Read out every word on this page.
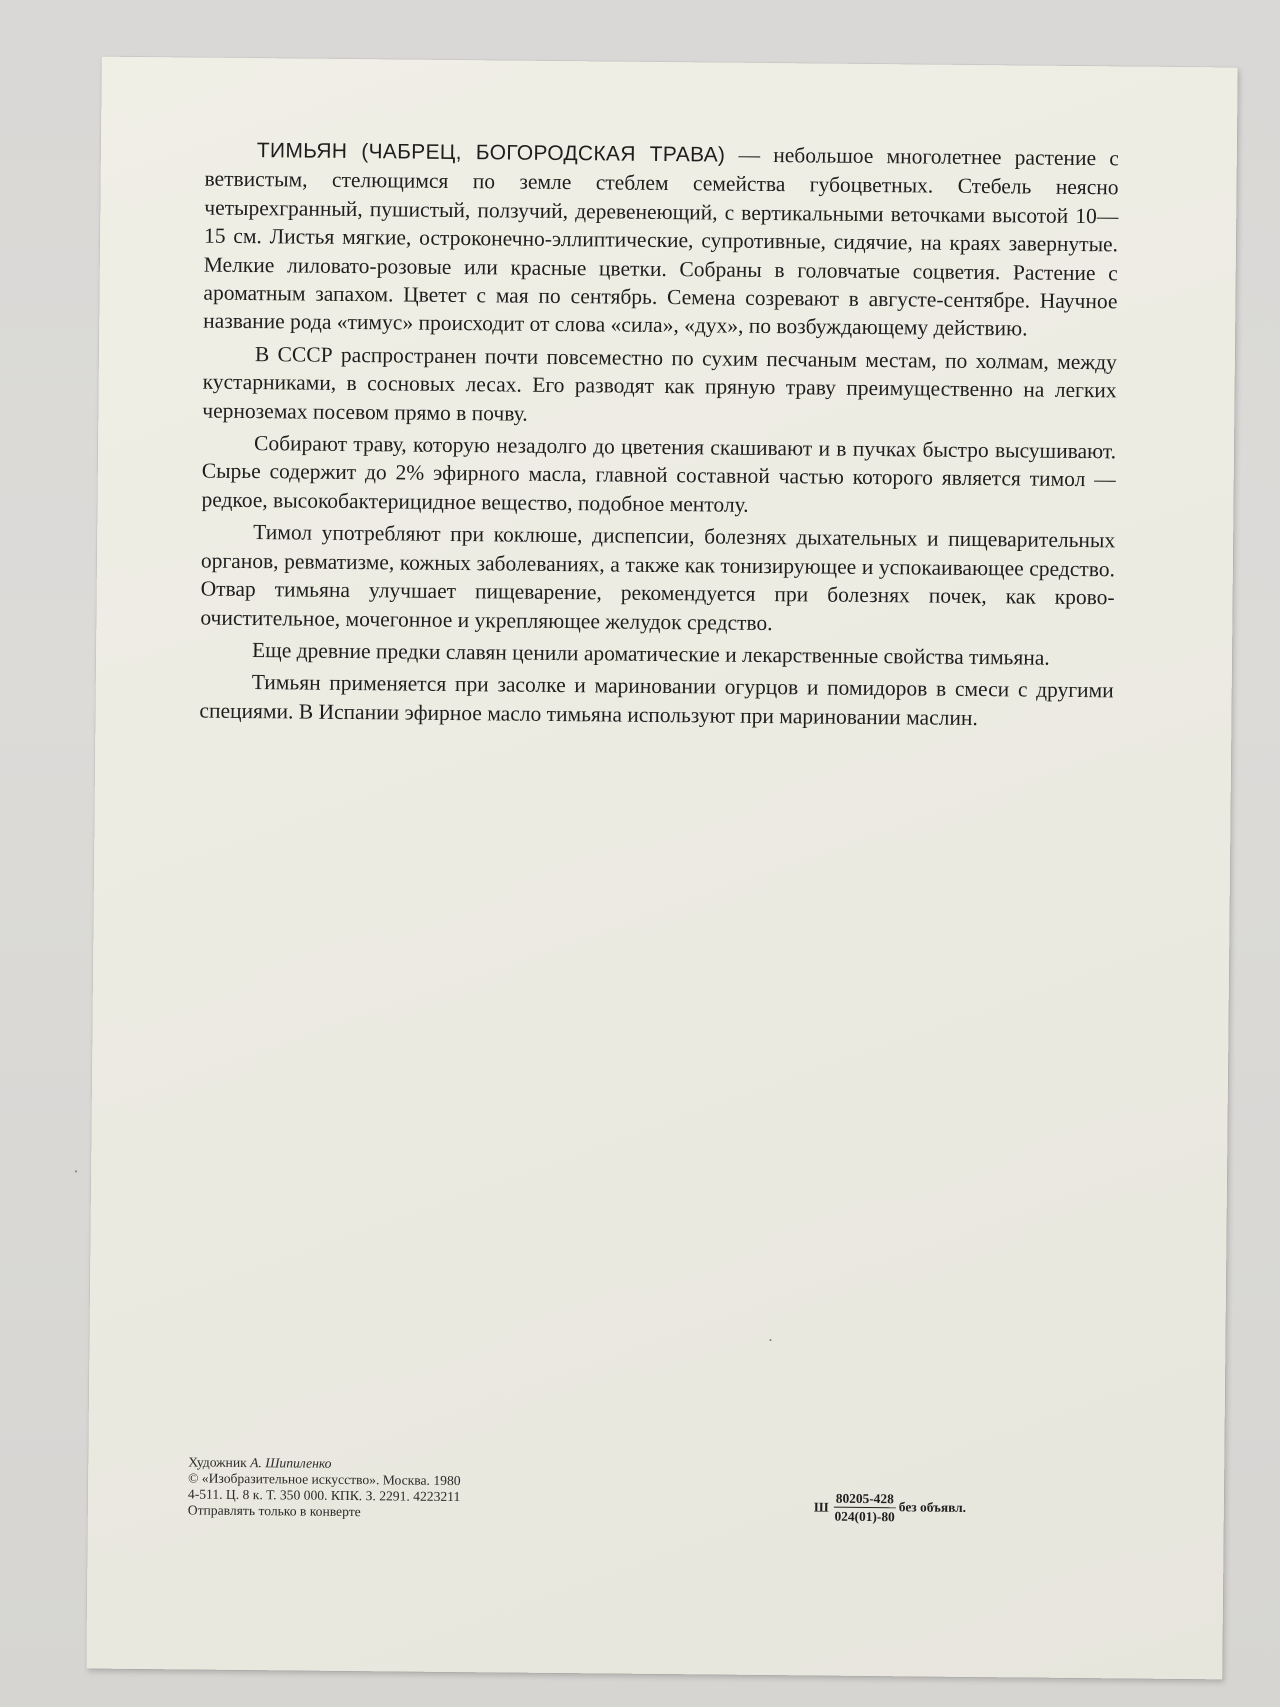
ТИМЬЯН (ЧАБРЕЦ, БОГОРОДСКАЯ ТРАВА) — небольшое многолетнее растение с ветвистым, стелющимся по земле стеблем семейства губоцветных. Стебель неясно четырехгранный, пушистый, ползучий, деревенеющий, с вертикальными веточками высотой 10—15 см. Листья мягкие, остроконечно-эллиптические, супротивные, сидячие, на краях завернутые. Мелкие лиловато-розовые или красные цветки. Собраны в головчатые соцветия. Растение с ароматным запахом. Цветет с мая по сентябрь. Семена созревают в августе-сентябре. Научное название рода «тимус» происходит от слова «сила», «дух», по возбуждающему действию.

В СССР распространен почти повсеместно по сухим песчаным местам, по холмам, между кустарниками, в сосновых лесах. Его разводят как пряную траву преимущественно на легких черноземах посевом прямо в почву.

Собирают траву, которую незадолго до цветения скашивают и в пучках быстро высушивают. Сырье содержит до 2% эфирного масла, главной составной частью которого является тимол — редкое, высокобактерицидное вещество, подобное ментолу.

Тимол употребляют при коклюше, диспепсии, болезнях дыхательных и пищеварительных органов, ревматизме, кожных заболеваниях, а также как тонизирующее и успокаивающее средство. Отвар тимьяна улучшает пищеварение, рекомендуется при болезнях почек, как кровоочистительное, мочегонное и укрепляющее желудок средство.

Еще древние предки славян ценили ароматические и лекарственные свойства тимьяна.

Тимьян применяется при засолке и мариновании огурцов и помидоров в смеси с другими специями. В Испании эфирное масло тимьяна используют при мариновании маслин.

Художник А. Шипиленко
© «Изобразительное искусство». Москва. 1980
4-511. Ц. 8 к. Т. 350 000. КПК. З. 2291. 4223211
Отправлять только в конверте	Ш $\frac{80205-428}{024(01)-80}$ без объявл.
